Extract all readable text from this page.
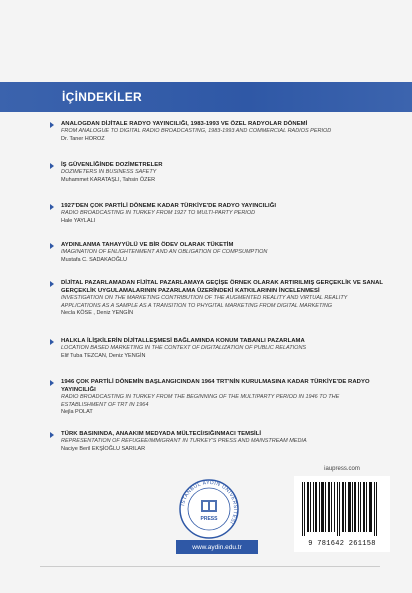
İÇİNDEKİLER
ANALOGDAN DİJİTALE RADYO YAYINCILIĞI, 1983-1993 VE ÖZEL RADYOLAR DÖNEMİ
FROM ANALOGUE TO DIGITAL RADIO BROADCASTING, 1983-1993 AND COMMERCIAL RADIOS PERIOD
Dr. Taner HOROZ
İŞ GÜVENLİĞİNDE DOZİMETRELER
DOZIMETERS IN BUSINESS SAFETY
Muhammet KARATAŞLI, Tahsin ÖZER
1927'DEN ÇOK PARTİLİ DÖNEME KADAR TÜRKİYE'DE RADYO YAYINCILIĞI
RADIO BROADCASTING IN TURKEY FROM 1927 TO MULTI-PARTY PERIOD
Hale YAYLALI
AYDINLANMA TAHAYYÜLÜ VE BİR ÖDEV OLARAK TÜKETİM
IMAGINATION OF ENLIGHTENMENT AND AN OBLIGATION OF COMPSUMPTION
Mustafa C. SADAKAOĞLU
DİJİTAL PAZARLAMADAN FİJİTAL PAZARLAMAYA GEÇİŞE ÖRNEK OLARAK ARTIRILMIŞ GERÇEKLİK VE SANAL GERÇEKLİK UYGULAMALARININ PAZARLAMA ÜZERİNDEKİ KATKILARININ İNCELENMESİ
INVESTIGATION ON THE MARKETING CONTRIBUTION OF THE AUGMENTED REALITY AND VIRTUAL REALITY APPLICATIONS AS A SAMPLE AS A TRANSITION TO PHYGITAL MARKETING FROM DIGITAL MARKETING
Necla KÖSE , Deniz YENGİN
HALKLA İLİŞKİLERİN DİJİTALLEŞMESİ BAĞLAMINDA KONUM TABANLI PAZARLAMA
LOCATION BASED MARKETING IN THE CONTEXT OF DIGITALIZATION OF PUBLIC RELATIONS
Elif Tuba TEZCAN, Deniz YENGİN
1946 ÇOK PARTİLİ DÖNEMİN BAŞLANGICINDAN 1964 TRT'NİN KURULMASINA KADAR TÜRKİYE'DE RADYO YAYINCILIĞI
RADIO BROADCASTING IN TURKEY FROM THE BEGINNING OF THE MULTIPARTY PERIOD IN 1946 TO THE ESTABLISHMENT OF TRT IN 1964
Nejla POLAT
TÜRK BASININDA, ANAAKIM MEDYADA MÜLTECİ/SIĞINMACI TEMSİLİ
REPRESENTATION OF REFUGEE/IMMIGRANT IN TURKEY'S PRESS AND MAINSTREAM MEDIA
Naciye Beril EKŞİOĞLU SARILAR
İSTANBUL AYDIN ÜNİVERSİTESİ
PRESS
www.aydin.edu.tr
iaupress.com
9 781642 261158
